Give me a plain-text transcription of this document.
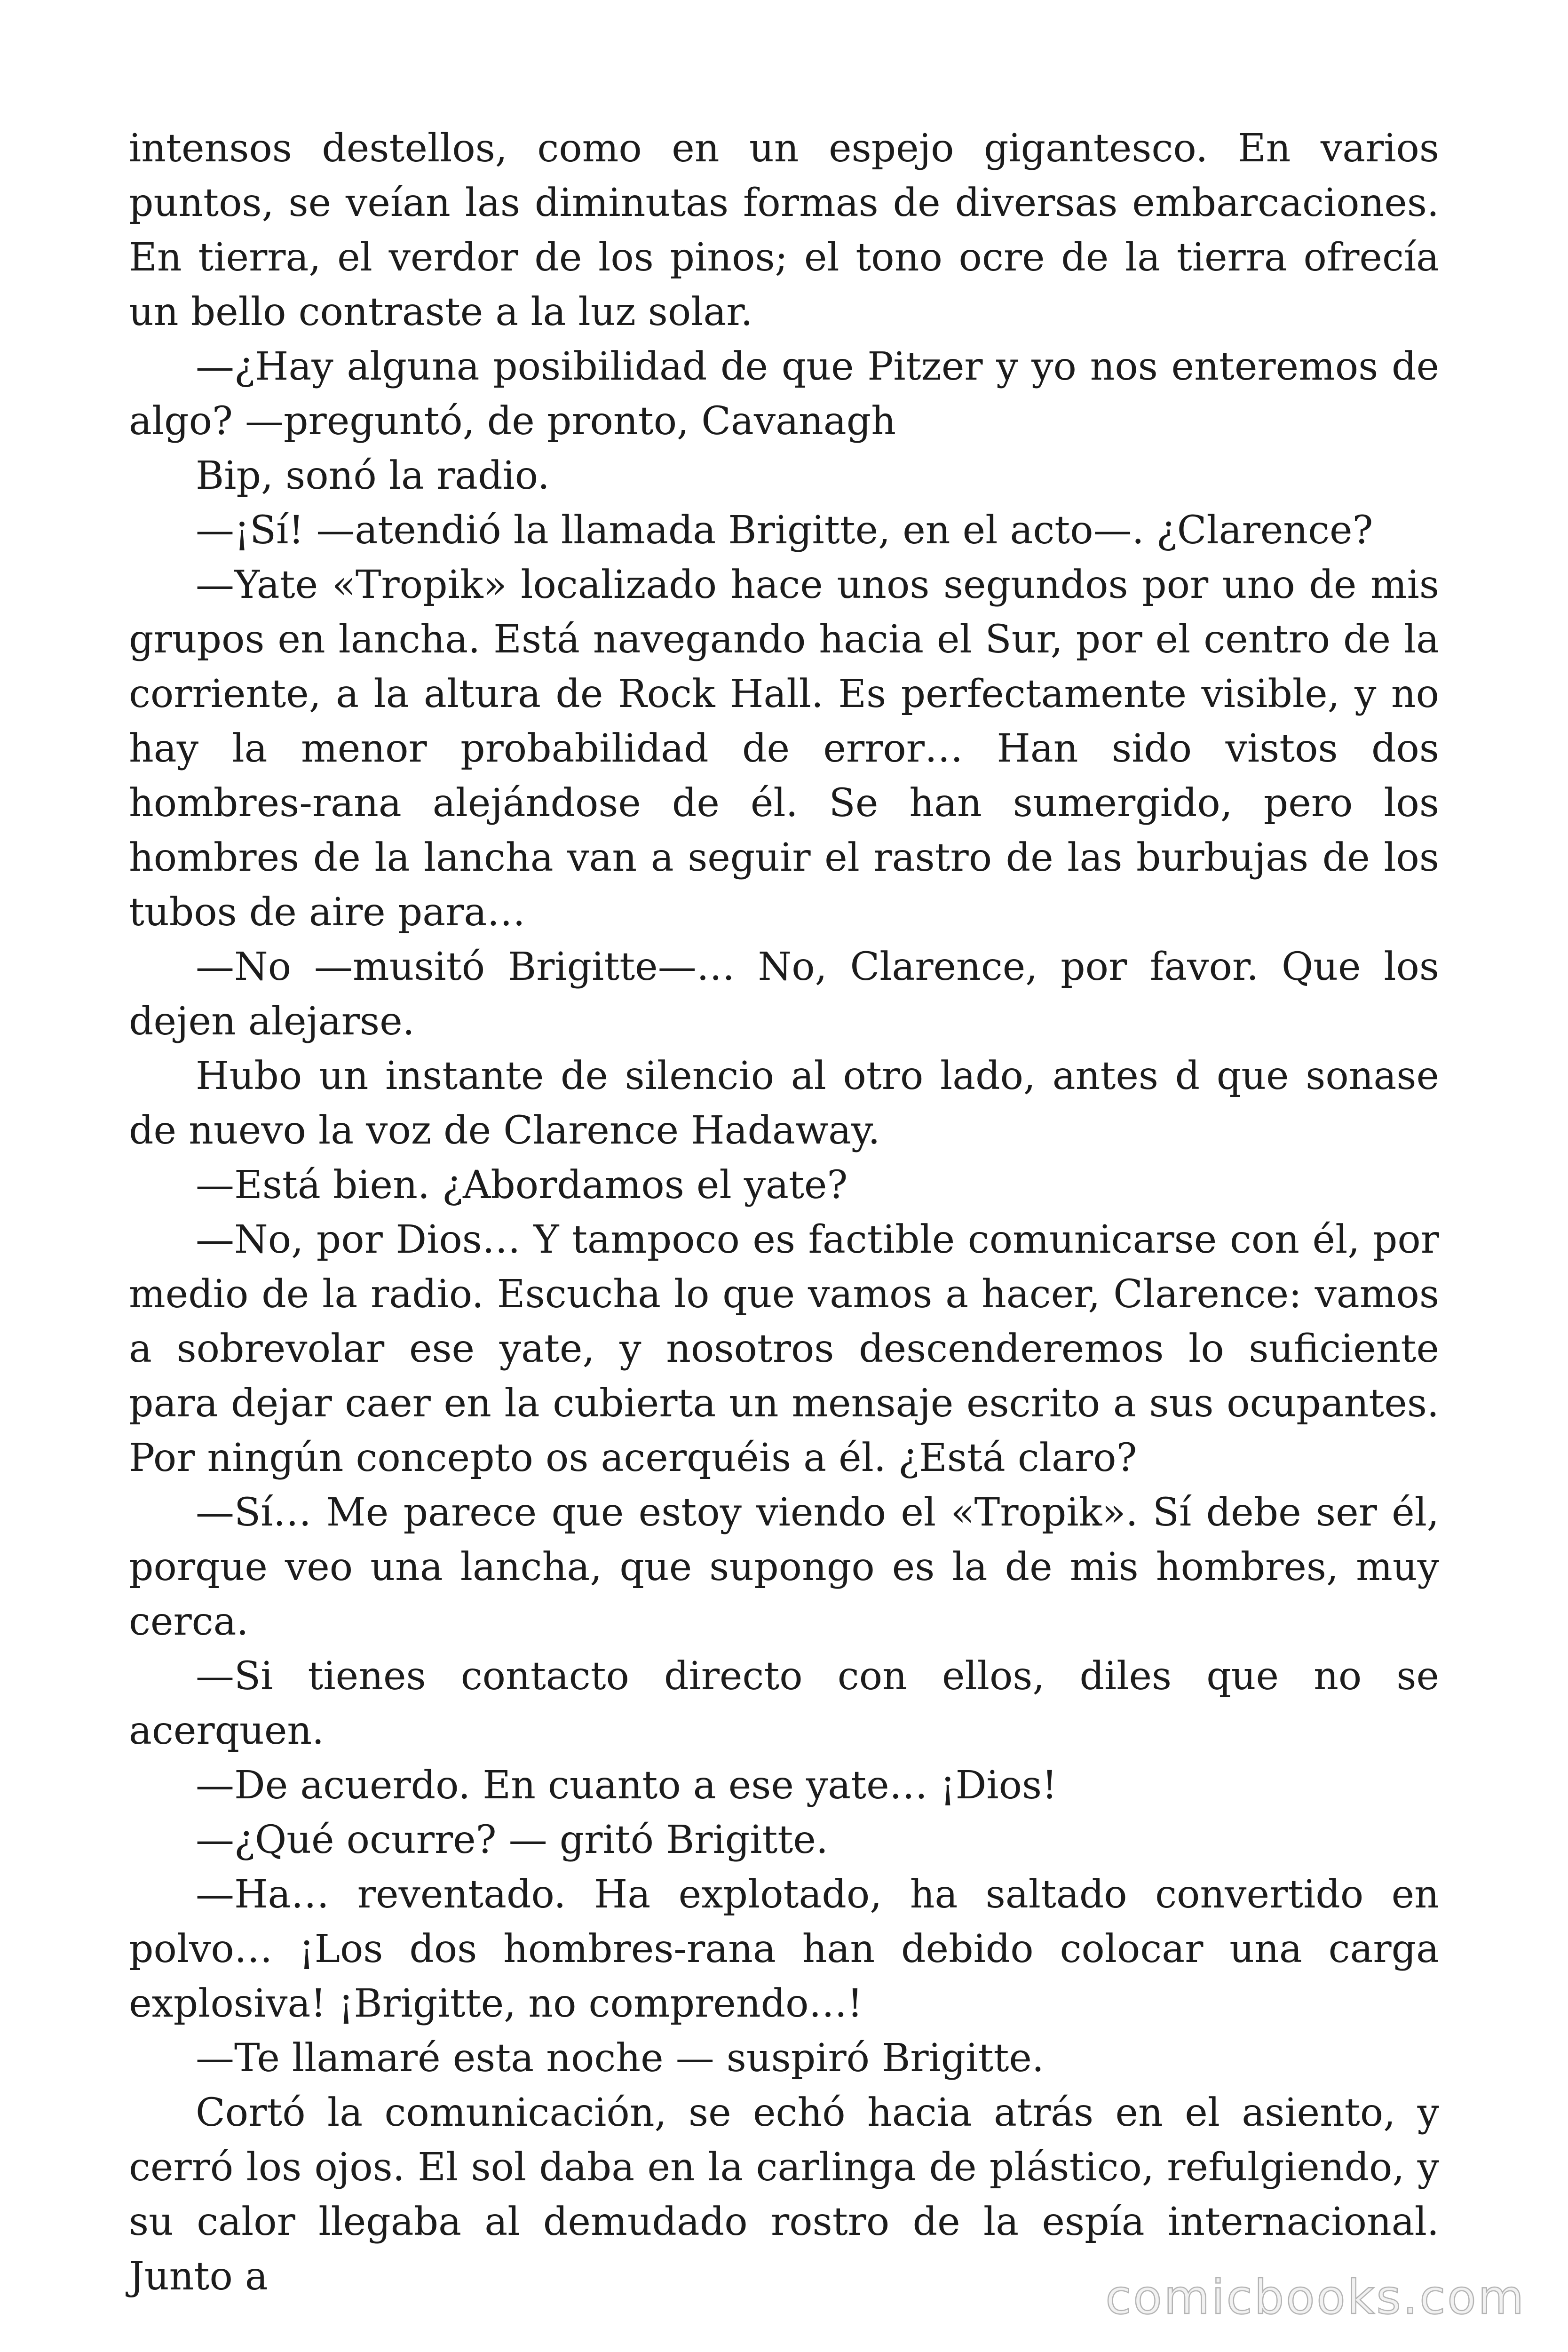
intensos destellos, como en un espejo gigantesco. En varios puntos, se veían las diminutas formas de diversas embarcaciones. En tierra, el verdor de los pinos; el tono ocre de la tierra ofrecía un bello contraste a la luz solar.

—¿Hay alguna posibilidad de que Pitzer y yo nos enteremos de algo? —preguntó, de pronto, Cavanagh

Bip, sonó la radio.

—¡Sí! —atendió la llamada Brigitte, en el acto—. ¿Clarence?

—Yate «Tropik» localizado hace unos segundos por uno de mis grupos en lancha. Está navegando hacia el Sur, por el centro de la corriente, a la altura de Rock Hall. Es perfectamente visible, y no hay la menor probabilidad de error… Han sido vistos dos hombres-rana alejándose de él. Se han sumergido, pero los hombres de la lancha van a seguir el rastro de las burbujas de los tubos de aire para…

—No —musitó Brigitte—… No, Clarence, por favor. Que los dejen alejarse.

Hubo un instante de silencio al otro lado, antes d que sonase de nuevo la voz de Clarence Hadaway.

—Está bien. ¿Abordamos el yate?

—No, por Dios… Y tampoco es factible comunicarse con él, por medio de la radio. Escucha lo que vamos a hacer, Clarence: vamos a sobrevolar ese yate, y nosotros descenderemos lo suficiente para dejar caer en la cubierta un mensaje escrito a sus ocupantes. Por ningún concepto os acerquéis a él. ¿Está claro?

—Sí… Me parece que estoy viendo el «Tropik». Sí debe ser él, porque veo una lancha, que supongo es la de mis hombres, muy cerca.

—Si tienes contacto directo con ellos, diles que no se acerquen.

—De acuerdo. En cuanto a ese yate… ¡Dios!

—¿Qué ocurre? — gritó Brigitte.

—Ha… reventado. Ha explotado, ha saltado convertido en polvo… ¡Los dos hombres-rana han debido colocar una carga explosiva! ¡Brigitte, no comprendo…!

—Te llamaré esta noche — suspiró Brigitte.

Cortó la comunicación, se echó hacia atrás en el asiento, y cerró los ojos. El sol daba en la carlinga de plástico, refulgiendo, y su calor llegaba al demudado rostro de la espía internacional. Junto a	comicbooks.com
